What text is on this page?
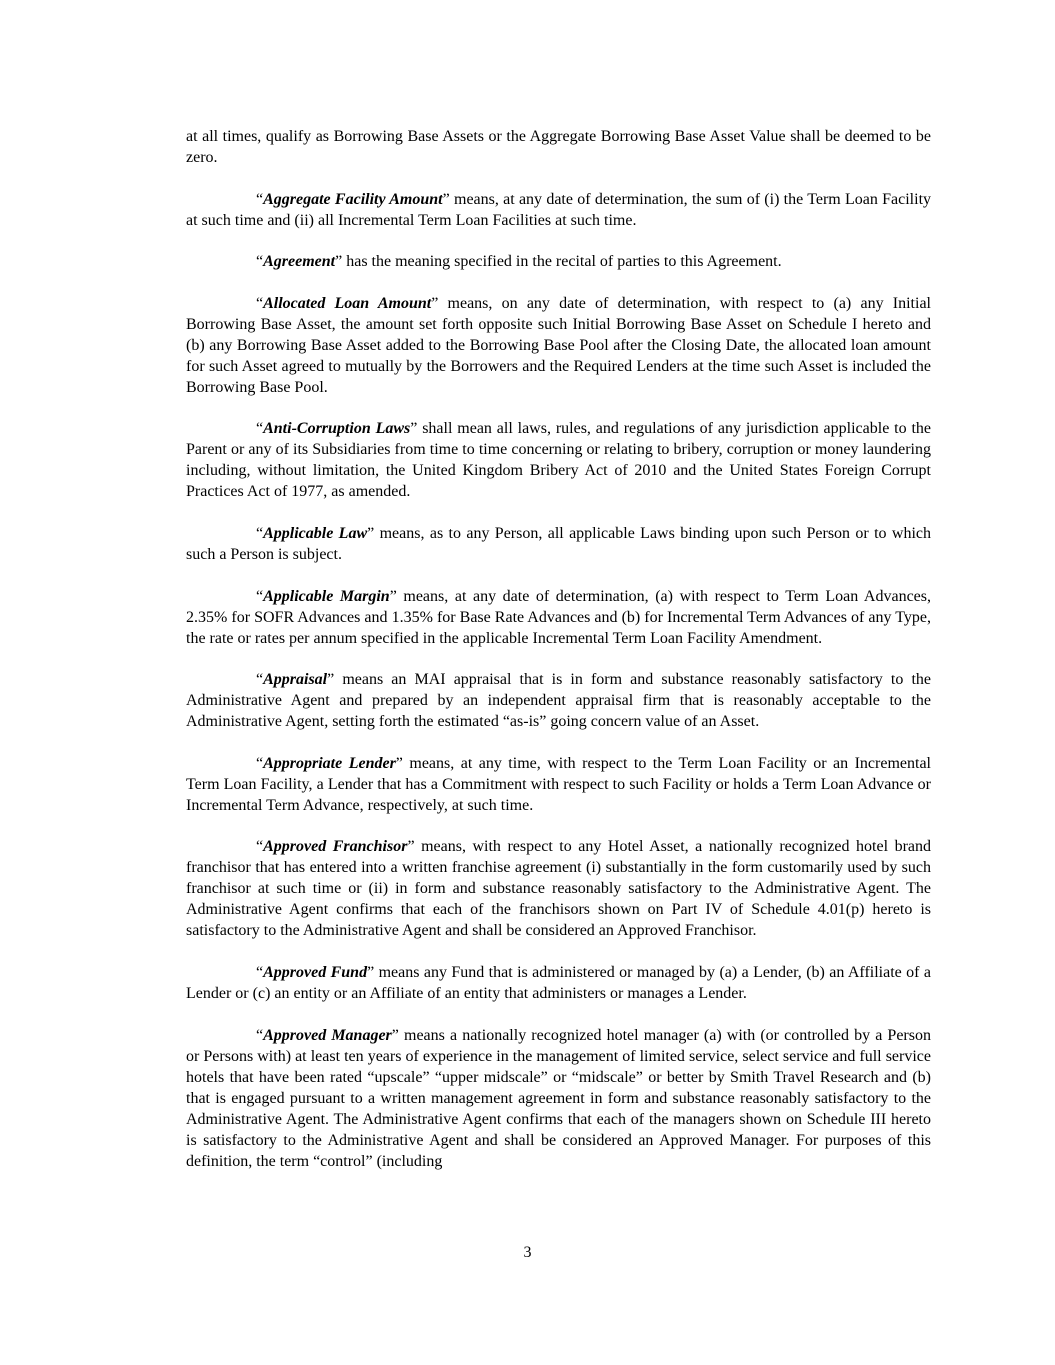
at all times, qualify as Borrowing Base Assets or the Aggregate Borrowing Base Asset Value shall be deemed to be zero.

“Aggregate Facility Amount” means, at any date of determination, the sum of (i) the Term Loan Facility at such time and (ii) all Incremental Term Loan Facilities at such time.

“Agreement” has the meaning specified in the recital of parties to this Agreement.

“Allocated Loan Amount” means, on any date of determination, with respect to (a) any Initial Borrowing Base Asset, the amount set forth opposite such Initial Borrowing Base Asset on Schedule I hereto and (b) any Borrowing Base Asset added to the Borrowing Base Pool after the Closing Date, the allocated loan amount for such Asset agreed to mutually by the Borrowers and the Required Lenders at the time such Asset is included the Borrowing Base Pool.

“Anti-Corruption Laws” shall mean all laws, rules, and regulations of any jurisdiction applicable to the Parent or any of its Subsidiaries from time to time concerning or relating to bribery, corruption or money laundering including, without limitation, the United Kingdom Bribery Act of 2010 and the United States Foreign Corrupt Practices Act of 1977, as amended.

“Applicable Law” means, as to any Person, all applicable Laws binding upon such Person or to which such a Person is subject.

“Applicable Margin” means, at any date of determination, (a) with respect to Term Loan Advances, 2.35% for SOFR Advances and 1.35% for Base Rate Advances and (b) for Incremental Term Advances of any Type, the rate or rates per annum specified in the applicable Incremental Term Loan Facility Amendment.

“Appraisal” means an MAI appraisal that is in form and substance reasonably satisfactory to the Administrative Agent and prepared by an independent appraisal firm that is reasonably acceptable to the Administrative Agent, setting forth the estimated “as-is” going concern value of an Asset.

“Appropriate Lender” means, at any time, with respect to the Term Loan Facility or an Incremental Term Loan Facility, a Lender that has a Commitment with respect to such Facility or holds a Term Loan Advance or Incremental Term Advance, respectively, at such time.

“Approved Franchisor” means, with respect to any Hotel Asset, a nationally recognized hotel brand franchisor that has entered into a written franchise agreement (i) substantially in the form customarily used by such franchisor at such time or (ii) in form and substance reasonably satisfactory to the Administrative Agent. The Administrative Agent confirms that each of the franchisors shown on Part IV of Schedule 4.01(p) hereto is satisfactory to the Administrative Agent and shall be considered an Approved Franchisor.

“Approved Fund” means any Fund that is administered or managed by (a) a Lender, (b) an Affiliate of a Lender or (c) an entity or an Affiliate of an entity that administers or manages a Lender.

“Approved Manager” means a nationally recognized hotel manager (a) with (or controlled by a Person or Persons with) at least ten years of experience in the management of limited service, select service and full service hotels that have been rated “upscale” “upper midscale” or “midscale” or better by Smith Travel Research and (b) that is engaged pursuant to a written management agreement in form and substance reasonably satisfactory to the Administrative Agent. The Administrative Agent confirms that each of the managers shown on Schedule III hereto is satisfactory to the Administrative Agent and shall be considered an Approved Manager. For purposes of this definition, the term “control” (including

3
